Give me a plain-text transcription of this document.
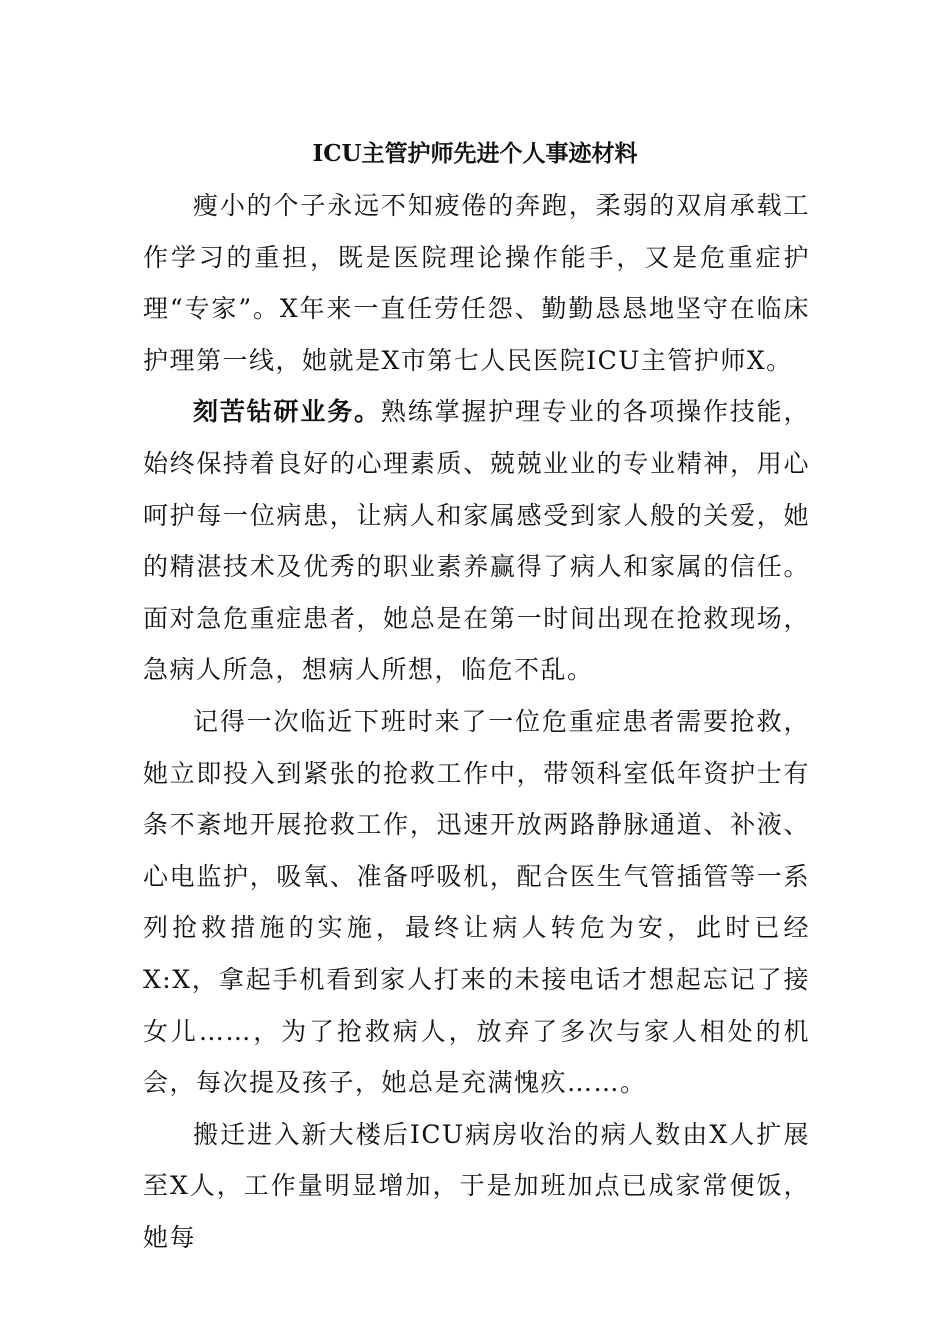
ICU主管护师先进个人事迹材料

瘦小的个子永远不知疲倦的奔跑，柔弱的双肩承载工作学习的重担，既是医院理论操作能手，又是危重症护理“专家”。X年来一直任劳任怨、勤勤恳恳地坚守在临床护理第一线，她就是X市第七人民医院ICU主管护师X。

刻苦钻研业务。熟练掌握护理专业的各项操作技能，始终保持着良好的心理素质、兢兢业业的专业精神，用心呵护每一位病患，让病人和家属感受到家人般的关爱，她的精湛技术及优秀的职业素养赢得了病人和家属的信任。面对急危重症患者，她总是在第一时间出现在抢救现场，急病人所急，想病人所想，临危不乱。

记得一次临近下班时来了一位危重症患者需要抢救，她立即投入到紧张的抢救工作中，带领科室低年资护士有条不紊地开展抢救工作，迅速开放两路静脉通道、补液、心电监护，吸氧、准备呼吸机，配合医生气管插管等一系列抢救措施的实施，最终让病人转危为安，此时已经X:X，拿起手机看到家人打来的未接电话才想起忘记了接女儿……，为了抢救病人，放弃了多次与家人相处的机会，每次提及孩子，她总是充满愧疚……。

搬迁进入新大楼后ICU病房收治的病人数由X人扩展至X人，工作量明显增加，于是加班加点已成家常便饭，她每
